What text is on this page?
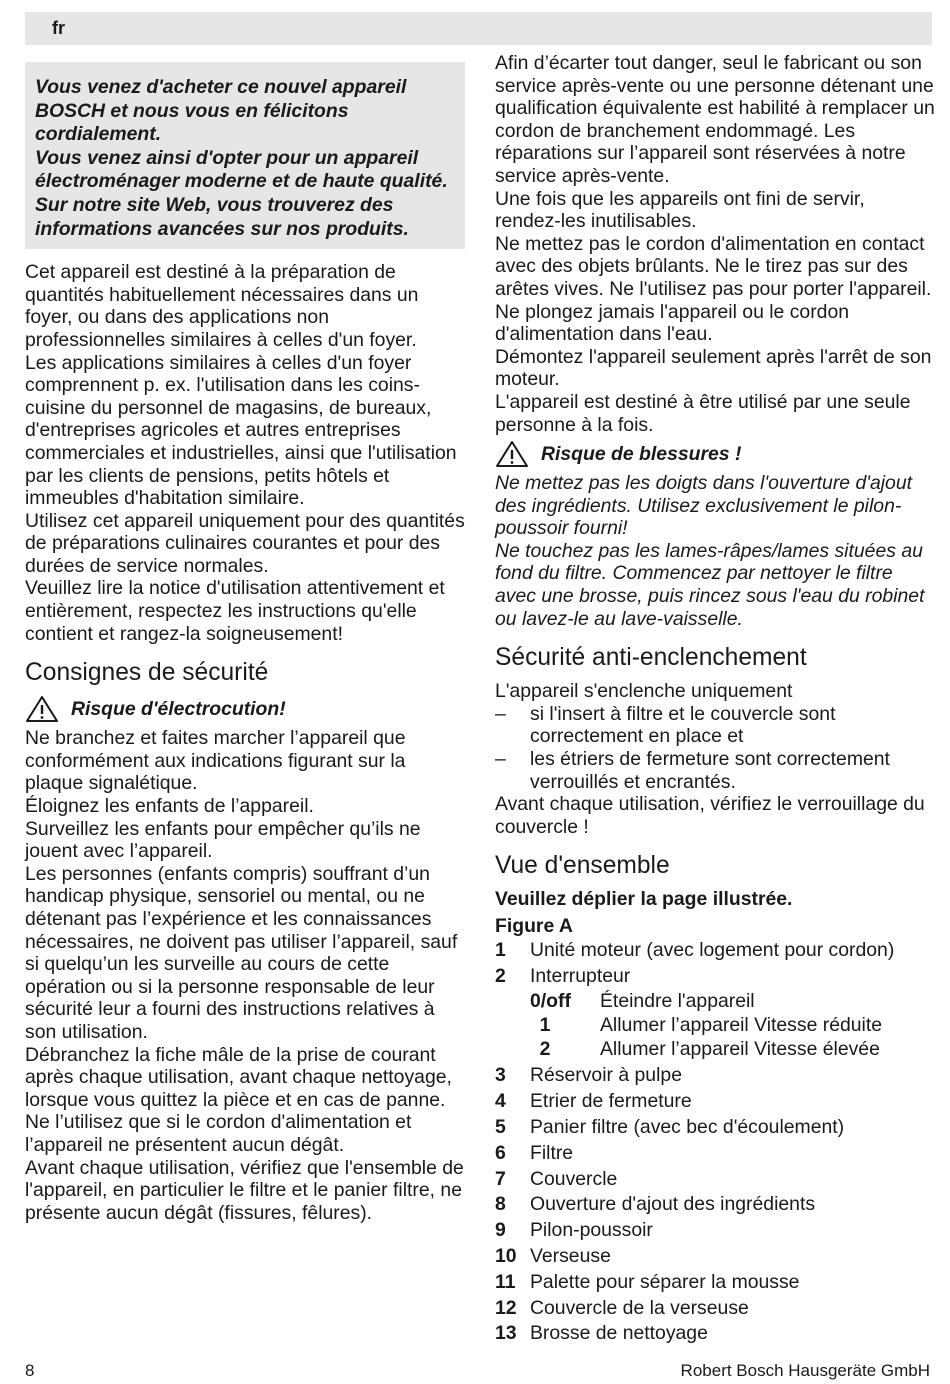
fr

Vous venez d'acheter ce nouvel appareil BOSCH et nous vous en félicitons cordialement.

Vous venez ainsi d'opter pour un appareil électroménager moderne et de haute qualité. Sur notre site Web, vous trouverez des informations avancées sur nos produits.

Cet appareil est destiné à la préparation de quantités habituellement nécessaires dans un foyer, ou dans des applications non professionnelles similaires à celles d'un foyer.

Les applications similaires à celles d'un foyer comprennent p. ex. l'utilisation dans les coins-cuisine du personnel de magasins, de bureaux, d'entreprises agricoles et autres entreprises commerciales et industrielles, ainsi que l'utilisation par les clients de pensions, petits hôtels et immeubles d'habitation similaire.

Utilisez cet appareil uniquement pour des quantités de préparations culinaires courantes et pour des durées de service normales.

Veuillez lire la notice d'utilisation attentivement et entièrement, respectez les instructions qu'elle contient et rangez-la soigneusement!

Consignes de sécurité
Risque d'électrocution!

Ne branchez et faites marcher l’appareil que conformément aux indications figurant sur la plaque signalétique.

Éloignez les enfants de l’appareil.

Surveillez les enfants pour empêcher qu’ils ne jouent avec l’appareil.

Les personnes (enfants compris) souffrant d’un handicap physique, sensoriel ou mental, ou ne détenant pas l’expérience et les connaissances nécessaires, ne doivent pas utiliser l’appareil, sauf si quelqu’un les surveille au cours de cette opération ou si la personne responsable de leur sécurité leur a fourni des instructions relatives à son utilisation.

Débranchez la fiche mâle de la prise de courant après chaque utilisation, avant chaque nettoyage, lorsque vous quittez la pièce et en cas de panne.

Ne l’utilisez que si le cordon d'alimentation et l’appareil ne présentent aucun dégât.

Avant chaque utilisation, vérifiez que l'ensemble de l'appareil, en particulier le filtre et le panier filtre, ne présente aucun dégât (fissures, fêlures).

Afin d’écarter tout danger, seul le fabricant ou son service après-vente ou une personne détenant une qualification équivalente est habilité à remplacer un cordon de branchement endommagé. Les réparations sur l’appareil sont réservées à notre service après-vente.

Une fois que les appareils ont fini de servir, rendez-les inutilisables.

Ne mettez pas le cordon d'alimentation en contact avec des objets brûlants. Ne le tirez pas sur des arêtes vives. Ne l'utilisez pas pour porter l'appareil. Ne plongez jamais l'appareil ou le cordon d'alimentation dans l'eau.

Démontez l'appareil seulement après l'arrêt de son moteur.

L'appareil est destiné à être utilisé par une seule personne à la fois.

Risque de blessures !

Ne mettez pas les doigts dans l'ouverture d'ajout des ingrédients. Utilisez exclusivement le pilon-poussoir fourni!

Ne touchez pas les lames-râpes/lames situées au fond du filtre. Commencez par nettoyer le filtre avec une brosse, puis rincez sous l'eau du robinet ou lavez-le au lave-vaisselle.

Sécurité anti-enclenchement

L'appareil s'enclenche uniquement

–	si l'insert à filtre et le couvercle sont correctement en place et
–	les étriers de fermeture sont correctement verrouillés et encrantés.

Avant chaque utilisation, vérifiez le verrouillage du couvercle !

Vue d'ensemble
Veuillez déplier la page illustrée.
Figure A
1	Unité moteur (avec logement pour cordon)
2	Interrupteur
0/off	Éteindre l'appareil
1	Allumer l’appareil Vitesse réduite
2	Allumer l’appareil Vitesse élevée
3	Réservoir à pulpe
4	Etrier de fermeture
5	Panier filtre (avec bec d'écoulement)
6	Filtre
7	Couvercle
8	Ouverture d'ajout des ingrédients
9	Pilon-poussoir
10 Verseuse
11 Palette pour séparer la mousse
12 Couvercle de la verseuse
13 Brosse de nettoyage
8	Robert Bosch Hausgeräte GmbH
